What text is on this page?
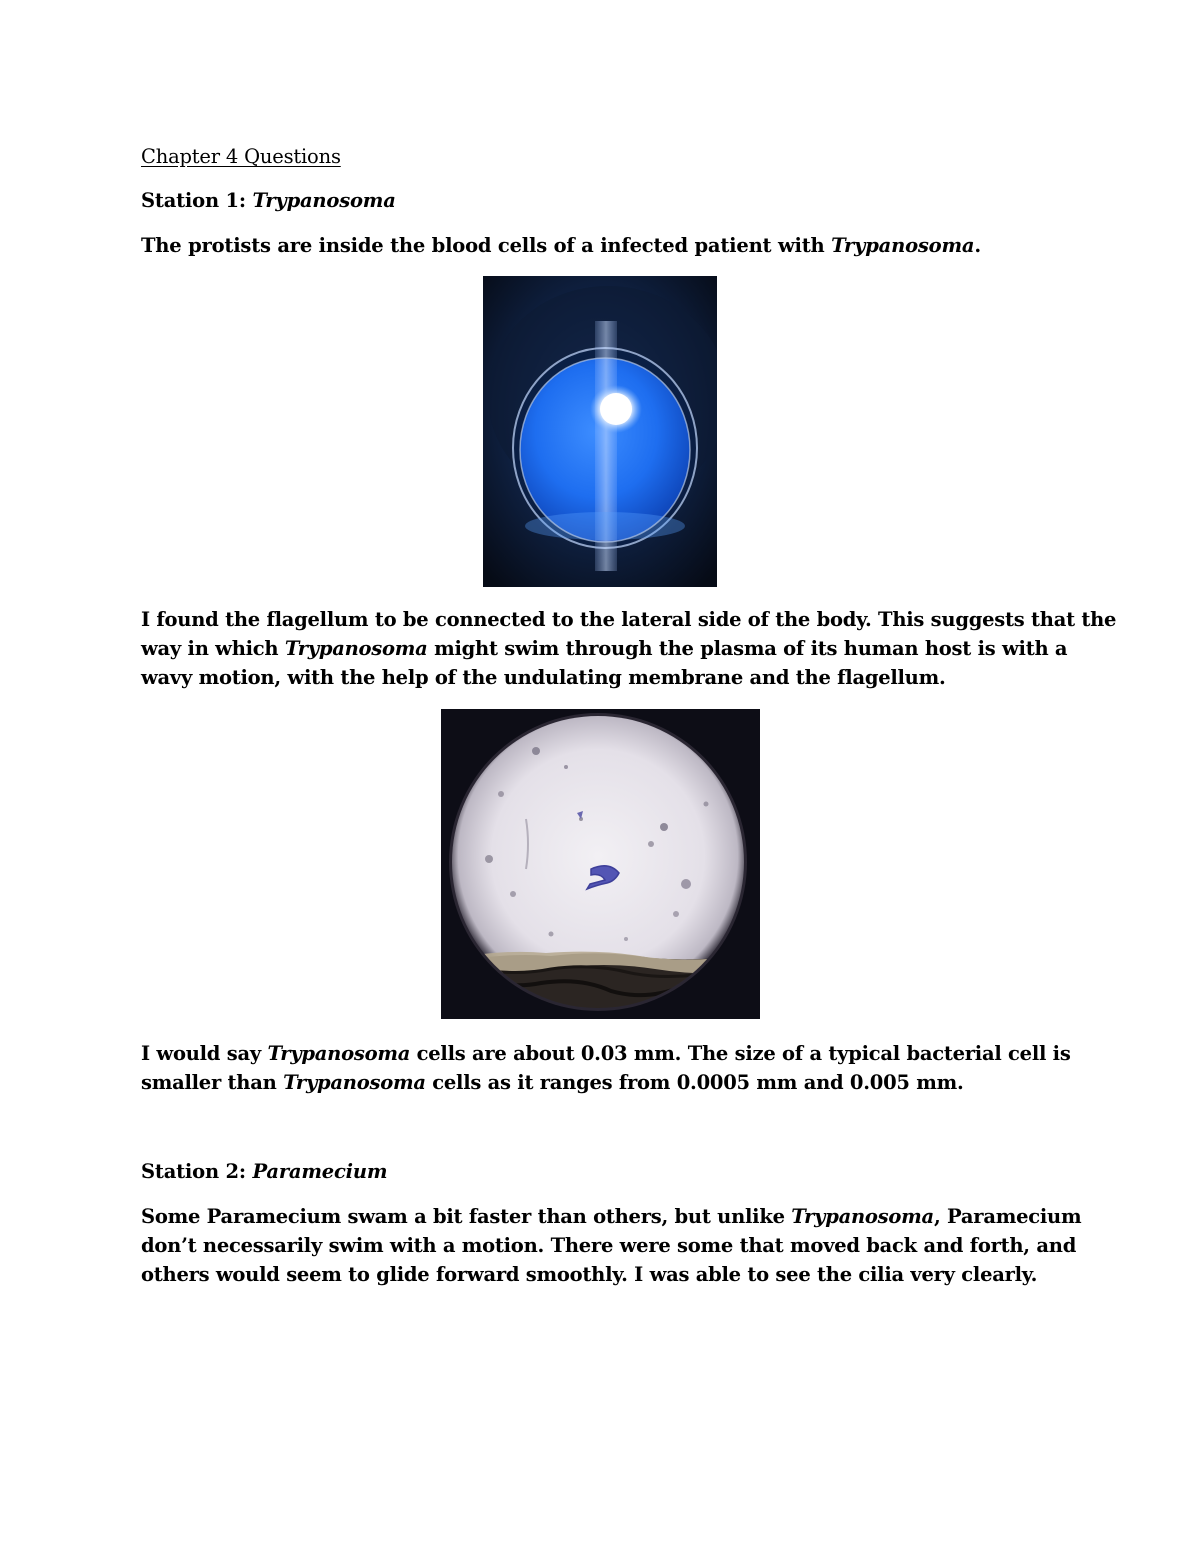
Chapter 4 Questions
Station 1: Trypanosoma
The protists are inside the blood cells of a infected patient with Trypanosoma.
I found the flagellum to be connected to the lateral side of the body. This suggests that the
way in which Trypanosoma might swim through the plasma of its human host is with a
wavy motion, with the help of the undulating membrane and the flagellum.
I would say Trypanosoma cells are about 0.03 mm. The size of a typical bacterial cell is
smaller than Trypanosoma cells as it ranges from 0.0005 mm and 0.005 mm.
Station 2: Paramecium
Some Paramecium swam a bit faster than others, but unlike Trypanosoma, Paramecium
don’t necessarily swim with a motion. There were some that moved back and forth, and
others would seem to glide forward smoothly. I was able to see the cilia very clearly.
